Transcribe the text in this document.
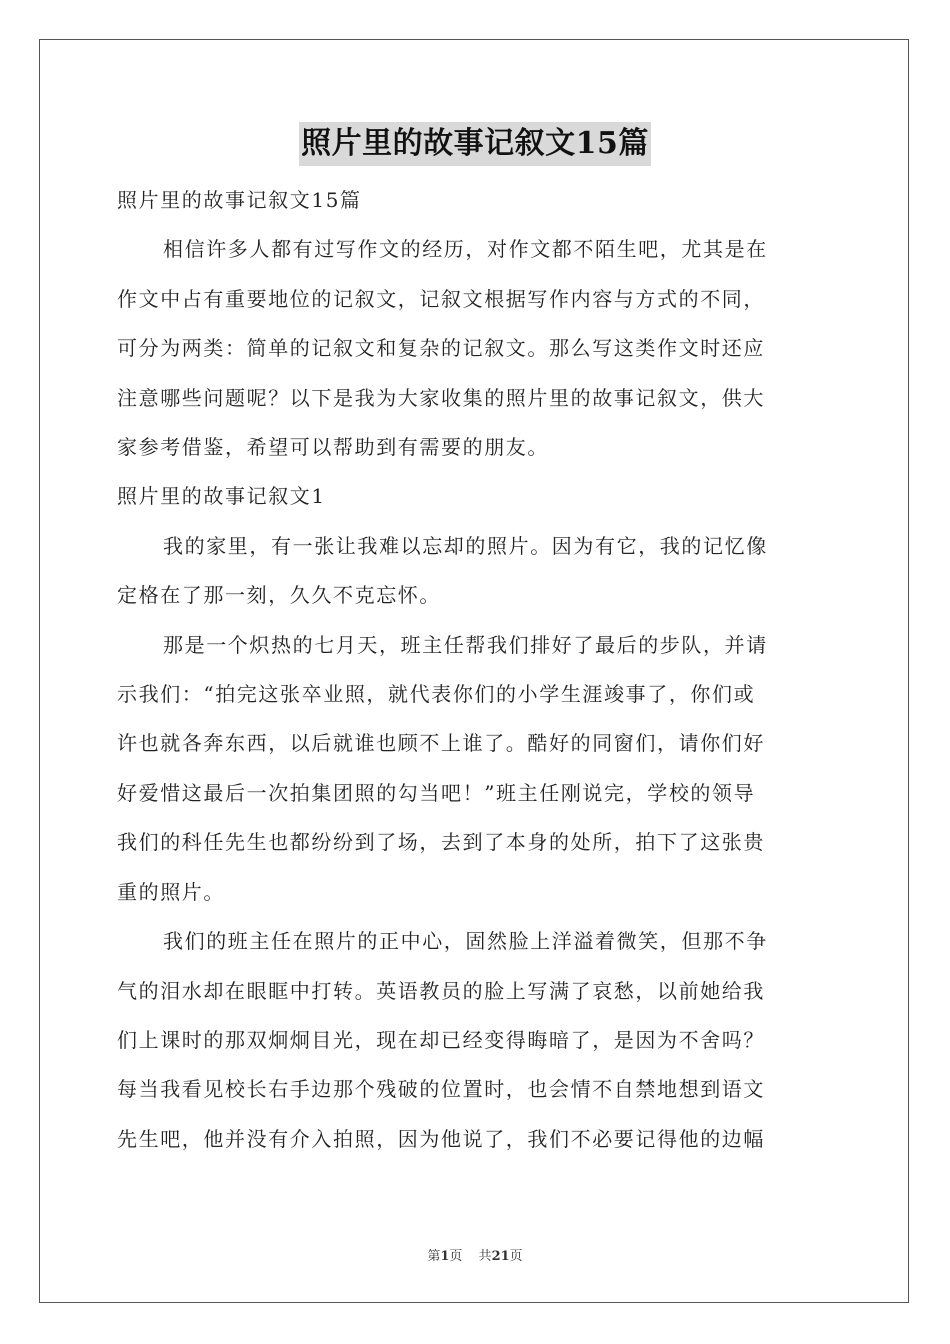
照片里的故事记叙文15篇
照片里的故事记叙文15篇
相信许多人都有过写作文的经历，对作文都不陌生吧，尤其是在
作文中占有重要地位的记叙文，记叙文根据写作内容与方式的不同，
可分为两类：简单的记叙文和复杂的记叙文。那么写这类作文时还应
注意哪些问题呢？以下是我为大家收集的照片里的故事记叙文，供大
家参考借鉴，希望可以帮助到有需要的朋友。
照片里的故事记叙文1
我的家里，有一张让我难以忘却的照片。因为有它，我的记忆像
定格在了那一刻，久久不克忘怀。
那是一个炽热的七月天，班主任帮我们排好了最后的步队，并请
示我们：“拍完这张卒业照，就代表你们的小学生涯竣事了，你们或
许也就各奔东西，以后就谁也顾不上谁了。酷好的同窗们，请你们好
好爱惜这最后一次拍集团照的勾当吧！”班主任刚说完，学校的领导
我们的科任先生也都纷纷到了场，去到了本身的处所，拍下了这张贵
重的照片。
我们的班主任在照片的正中心，固然脸上洋溢着微笑，但那不争
气的泪水却在眼眶中打转。英语教员的脸上写满了哀愁，以前她给我
们上课时的那双炯炯目光，现在却已经变得晦暗了，是因为不舍吗？
每当我看见校长右手边那个残破的位置时，也会情不自禁地想到语文
先生吧，他并没有介入拍照，因为他说了，我们不必要记得他的边幅
第1页 共21页
